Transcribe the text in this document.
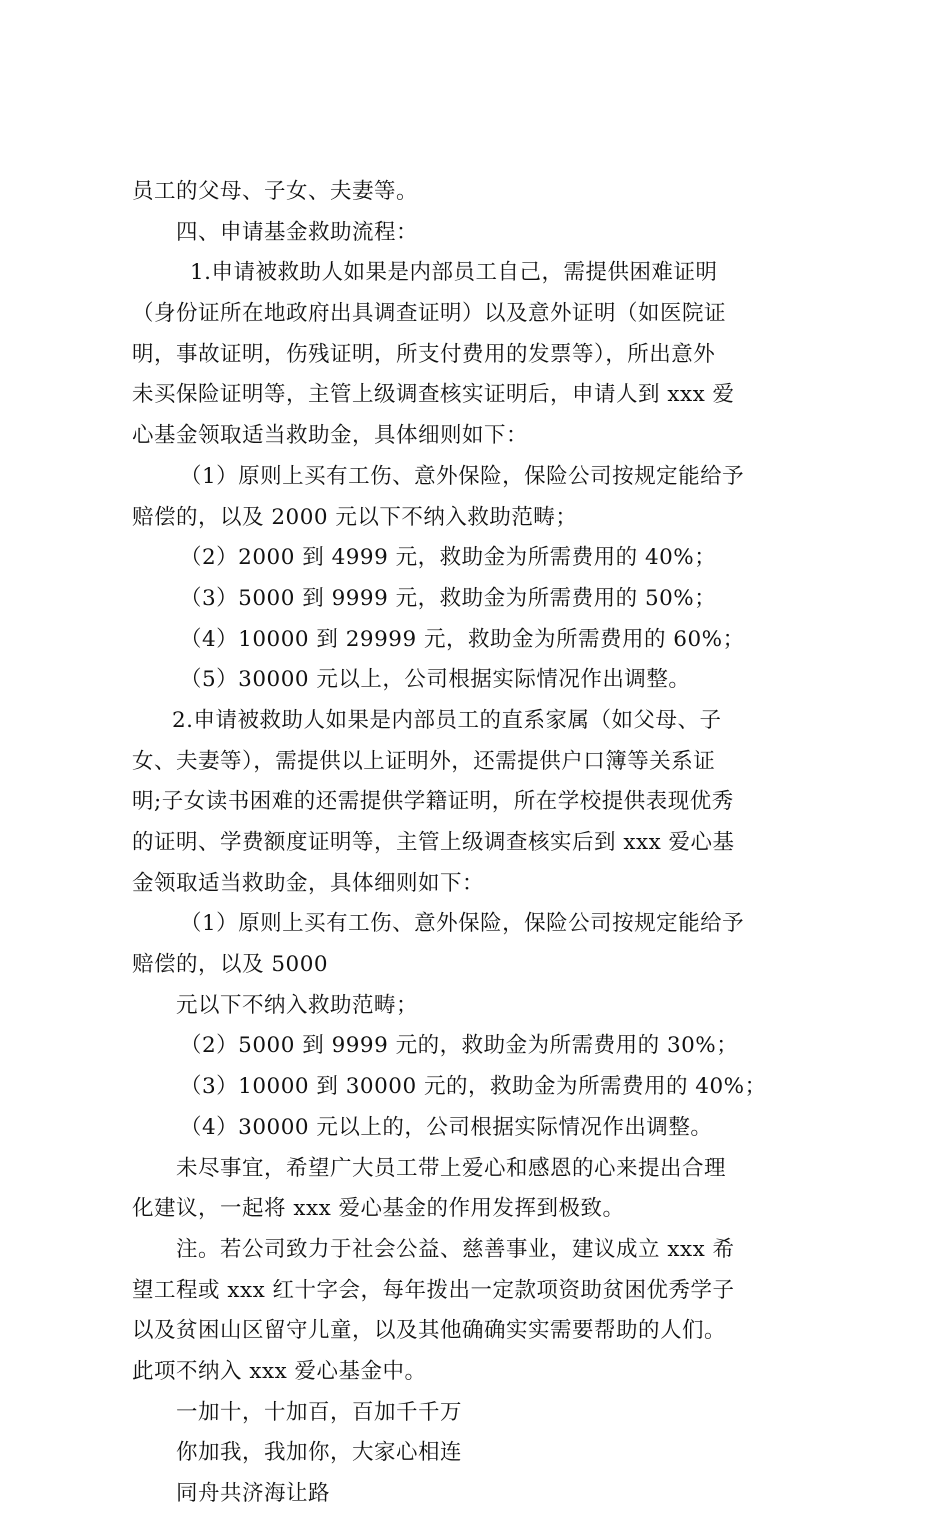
员工的父母、子女、夫妻等。
四、申请基金救助流程：
1.申请被救助人如果是内部员工自己，需提供困难证明
（身份证所在地政府出具调查证明）以及意外证明（如医院证
明，事故证明，伤残证明，所支付费用的发票等），所出意外
未买保险证明等，主管上级调查核实证明后，申请人到 xxx 爱
心基金领取适当救助金，具体细则如下：
（1）原则上买有工伤、意外保险，保险公司按规定能给予
赔偿的，以及 2000 元以下不纳入救助范畴；
（2）2000 到 4999 元，救助金为所需费用的 40%；
（3）5000 到 9999 元，救助金为所需费用的 50%；
（4）10000 到 29999 元，救助金为所需费用的 60%；
（5）30000 元以上，公司根据实际情况作出调整。
2.申请被救助人如果是内部员工的直系家属（如父母、子
女、夫妻等），需提供以上证明外，还需提供户口簿等关系证
明;子女读书困难的还需提供学籍证明，所在学校提供表现优秀
的证明、学费额度证明等，主管上级调查核实后到 xxx 爱心基
金领取适当救助金，具体细则如下：
（1）原则上买有工伤、意外保险，保险公司按规定能给予
赔偿的，以及 5000
元以下不纳入救助范畴；
（2）5000 到 9999 元的，救助金为所需费用的 30%；
（3）10000 到 30000 元的，救助金为所需费用的 40%；
（4）30000 元以上的，公司根据实际情况作出调整。
未尽事宜，希望广大员工带上爱心和感恩的心来提出合理
化建议，一起将 xxx 爱心基金的作用发挥到极致。
注。若公司致力于社会公益、慈善事业，建议成立 xxx 希
望工程或 xxx 红十字会，每年拨出一定款项资助贫困优秀学子
以及贫困山区留守儿童，以及其他确确实实需要帮助的人们。
此项不纳入 xxx 爱心基金中。
一加十，十加百，百加千千万
你加我，我加你，大家心相连
同舟共济海让路
